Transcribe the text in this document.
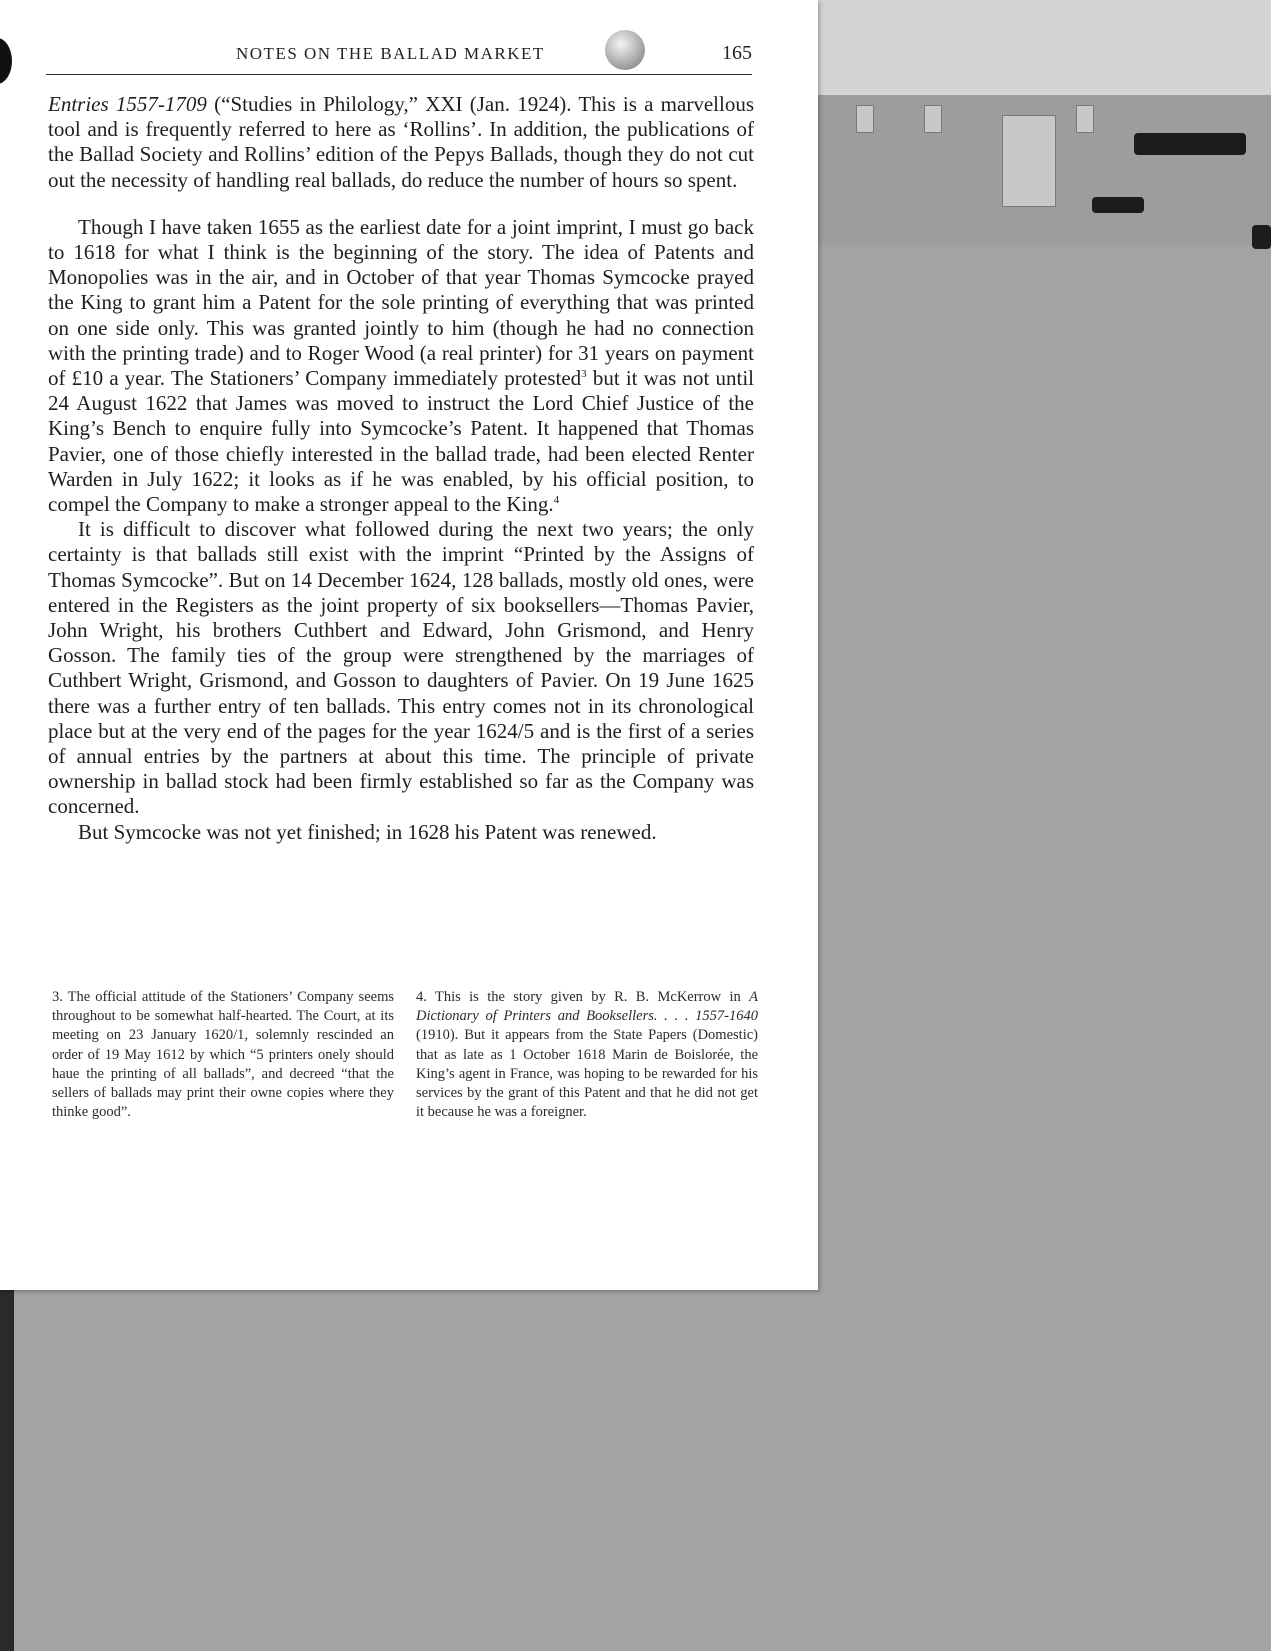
NOTES ON THE BALLAD MARKET	165

Entries 1557-1709 (“Studies in Philology,” XXI (Jan. 1924). This is a marvellous tool and is frequently referred to here as ‘Rollins’. In addition, the publications of the Ballad Society and Rollins’ edition of the Pepys Ballads, though they do not cut out the necessity of handling real ballads, do reduce the number of hours so spent.

Though I have taken 1655 as the earliest date for a joint imprint, I must go back to 1618 for what I think is the beginning of the story. The idea of Patents and Monopolies was in the air, and in October of that year Thomas Symcocke prayed the King to grant him a Patent for the sole printing of everything that was printed on one side only. This was granted jointly to him (though he had no connection with the printing trade) and to Roger Wood (a real printer) for 31 years on payment of £10 a year. The Stationers’ Company immediately protested$^3$ but it was not until 24 August 1622 that James was moved to instruct the Lord Chief Justice of the King’s Bench to enquire fully into Symcocke’s Patent. It happened that Thomas Pavier, one of those chiefly interested in the ballad trade, had been elected Renter Warden in July 1622; it looks as if he was enabled, by his official position, to compel the Company to make a stronger appeal to the King.$^4$

It is difficult to discover what followed during the next two years; the only certainty is that ballads still exist with the imprint “Printed by the Assigns of Thomas Symcocke”. But on 14 December 1624, 128 ballads, mostly old ones, were entered in the Registers as the joint property of six booksellers—Thomas Pavier, John Wright, his brothers Cuthbert and Edward, John Grismond, and Henry Gosson. The family ties of the group were strengthened by the marriages of Cuthbert Wright, Grismond, and Gosson to daughters of Pavier. On 19 June 1625 there was a further entry of ten ballads. This entry comes not in its chronological place but at the very end of the pages for the year 1624/5 and is the first of a series of annual entries by the partners at about this time. The principle of private ownership in ballad stock had been firmly established so far as the Company was concerned.

But Symcocke was not yet finished; in 1628 his Patent was renewed.

3. The official attitude of the Stationers’ Company seems throughout to be somewhat half-hearted. The Court, at its meeting on 23 January 1620/1, solemnly rescinded an order of 19 May 1612 by which “5 printers onely should haue the printing of all ballads”, and decreed “that the sellers of ballads may print their owne copies where they thinke good”.
4. This is the story given by R. B. McKerrow in A Dictionary of Printers and Booksellers. . . . 1557-1640 (1910). But it appears from the State Papers (Domestic) that as late as 1 October 1618 Marin de Boislorée, the King’s agent in France, was hoping to be rewarded for his services by the grant of this Patent and that he did not get it because he was a foreigner.
